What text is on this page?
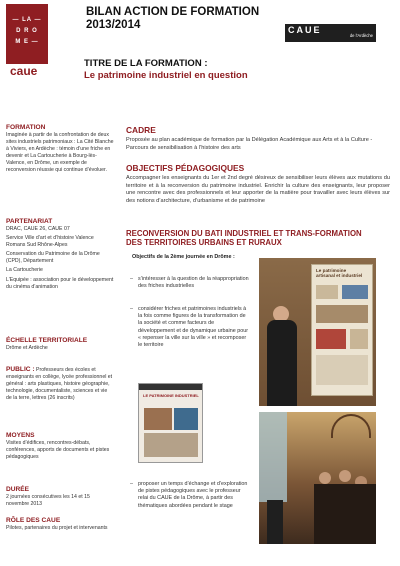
— LA —
D R O
M E —
caue
BILAN ACTION DE FORMATION
2013/2014	CAUE
de l'Ardèche
TITRE DE LA FORMATION :
Le patrimoine industriel en question
FORMATION
Imaginée à partir de la confrontation de deux sites industriels patrimoniaux : La Cité Blanche à Viviers, en Ardèche : témoin d’une friche en devenir et La Cartoucherie à Bourg-lès-Valence, en Drôme, un exemple de reconversion réussie qui continue d’évoluer.
PARTENARIAT

DRAC, CAUE 26, CAUE 07

Service Ville d’art et d’histoire Valence Romans Sud Rhône-Alpes

Conservation du Patrimoine de la Drôme (CPD), Département

La Cartoucherie

L’Equipée : association pour le développement du cinéma d’animation

ÉCHELLE TERRITORIALE
Drôme et Ardèche
PUBLIC : Professeurs des écoles et enseignants en collège, lycée professionnel et général : arts plastiques, histoire géographie, technologie, documentaliste, sciences et vie de la terre, lettres (26 inscrits)
MOYENS
Visites d’édifices, rencontres-débats, conférences, apports de documents et pistes pédagogiques
DURÉE
2 journées consécutives les 14 et 15 novembre 2013
RÔLE DES CAUE
Pilotes, partenaires du projet et intervenants
CADRE
Proposée au plan académique de formation par la Délégation Académique aux Arts et à la Culture - Parcours de sensibilisation à l’histoire des arts
OBJECTIFS PÉDAGOGIQUES
Accompagner les enseignants du 1er et 2nd degré désireux de sensibiliser leurs élèves aux mutations du territoire et à la reconversion du patrimoine industriel. Enrichir la culture des enseignants, leur proposer une rencontre avec des professionnels et leur apporter de la matière pour travailler avec leurs élèves sur des notions d’architecture, d’urbanisme et de patrimoine
RECONVERSION DU BATI INDUSTRIEL ET TRANS-FORMATION
DES TERRITOIRES URBAINS ET RURAUX
Objectifs de la 2ème journée en Drôme :
– s’intéresser à la question de la réappropriation des friches industrielles
– considérer friches et patrimoines industriels à la fois comme figures de la transformation de la société et comme facteurs de développement et de dynamique urbaine pour « repenser la ville sur la ville » et recomposer le territoire
– proposer un temps d’échange et d’exploration de pistes pédagogiques avec le professeur relai du CAUE de la Drôme, à partir des thématiques abordées pendant le stage
LE PATRIMOINE INDUSTRIEL
Le patrimoine
artisanal et industriel
